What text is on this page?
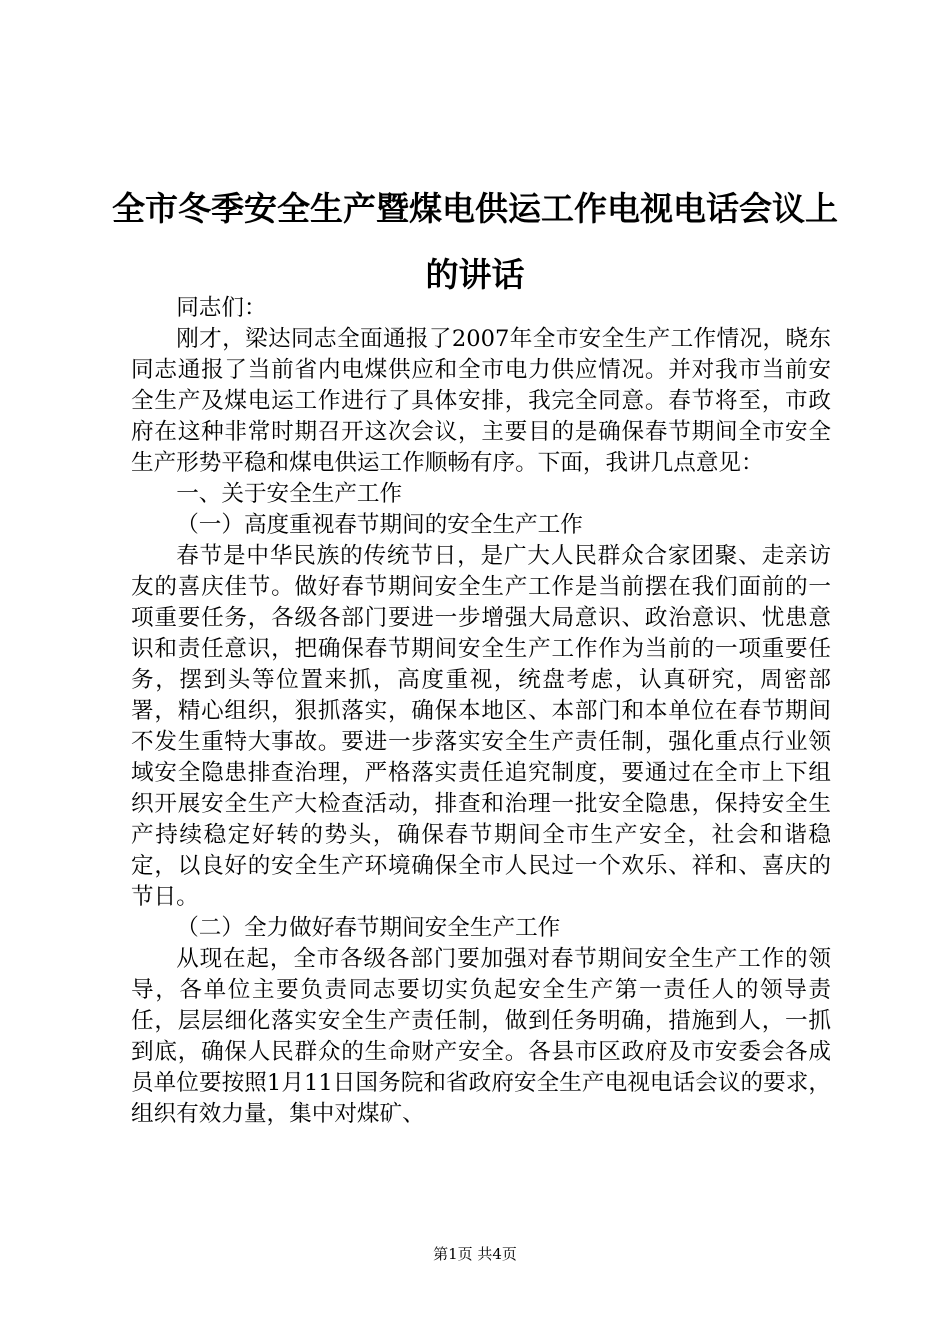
全市冬季安全生产暨煤电供运工作电视电话会议上的讲话

同志们：

刚才，梁达同志全面通报了2007年全市安全生产工作情况，晓东同志通报了当前省内电煤供应和全市电力供应情况。并对我市当前安全生产及煤电运工作进行了具体安排，我完全同意。春节将至，市政府在这种非常时期召开这次会议，主要目的是确保春节期间全市安全生产形势平稳和煤电供运工作顺畅有序。下面，我讲几点意见：

一、关于安全生产工作

（一）高度重视春节期间的安全生产工作

春节是中华民族的传统节日，是广大人民群众合家团聚、走亲访友的喜庆佳节。做好春节期间安全生产工作是当前摆在我们面前的一项重要任务，各级各部门要进一步增强大局意识、政治意识、忧患意识和责任意识，把确保春节期间安全生产工作作为当前的一项重要任务，摆到头等位置来抓，高度重视，统盘考虑，认真研究，周密部署，精心组织，狠抓落实，确保本地区、本部门和本单位在春节期间不发生重特大事故。要进一步落实安全生产责任制，强化重点行业领域安全隐患排查治理，严格落实责任追究制度，要通过在全市上下组织开展安全生产大检查活动，排查和治理一批安全隐患，保持安全生产持续稳定好转的势头，确保春节期间全市生产安全，社会和谐稳定，以良好的安全生产环境确保全市人民过一个欢乐、祥和、喜庆的节日。

（二）全力做好春节期间安全生产工作

从现在起，全市各级各部门要加强对春节期间安全生产工作的领导，各单位主要负责同志要切实负起安全生产第一责任人的领导责任，层层细化落实安全生产责任制，做到任务明确，措施到人，一抓到底，确保人民群众的生命财产安全。各县市区政府及市安委会各成员单位要按照1月11日国务院和省政府安全生产电视电话会议的要求，组织有效力量，集中对煤矿、

第1页 共4页
